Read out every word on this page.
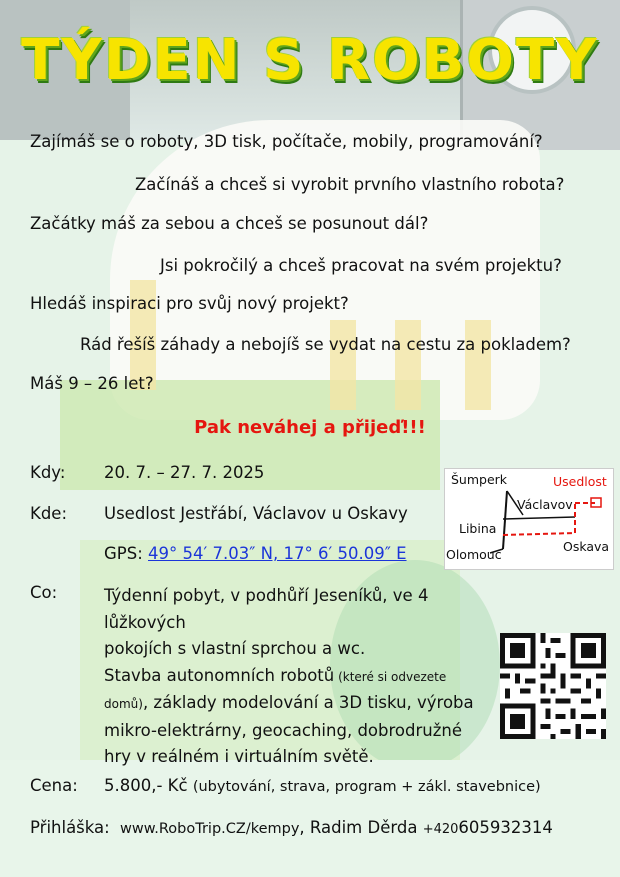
TÝDEN S ROBOTY
Zajímáš se o roboty, 3D tisk, počítače, mobily, programování?
Začínáš a chceš si vyrobit prvního vlastního robota?
Začátky máš za sebou a chceš se posunout dál?
Jsi pokročilý a chceš pracovat na svém projektu?
Hledáš inspiraci pro svůj nový projekt?
Rád řešíš záhady a nebojíš se vydat na cestu za pokladem?
Máš 9 – 26 let?
Pak neváhej a přijeď!!!
Kdy: 20. 7. – 27. 7. 2025
Kde: Usedlost Jestřábí, Václavov u Oskavy
GPS: 49° 54′ 7.03″ N, 17° 6′ 50.09″ E
Šumperk	Usedlost
Václavov
Libina
Olomouc
Oskava
Co:	Týdenní pobyt, v podhůří Jeseníků, ve 4 lůžkových
pokojích s vlastní sprchou a wc.
Stavba autonomních robotů (které si odvezete
domů), základy modelování a 3D tisku, výroba
mikro-elektrárny, geocaching, dobrodružné
hry v reálném i virtuálním světě.
Cena: 5.800,- Kč (ubytování, strava, program + zákl. stavebnice)
Přihláška: www.RoboTrip.CZ/kempy, Radim Děrda +420605932314
